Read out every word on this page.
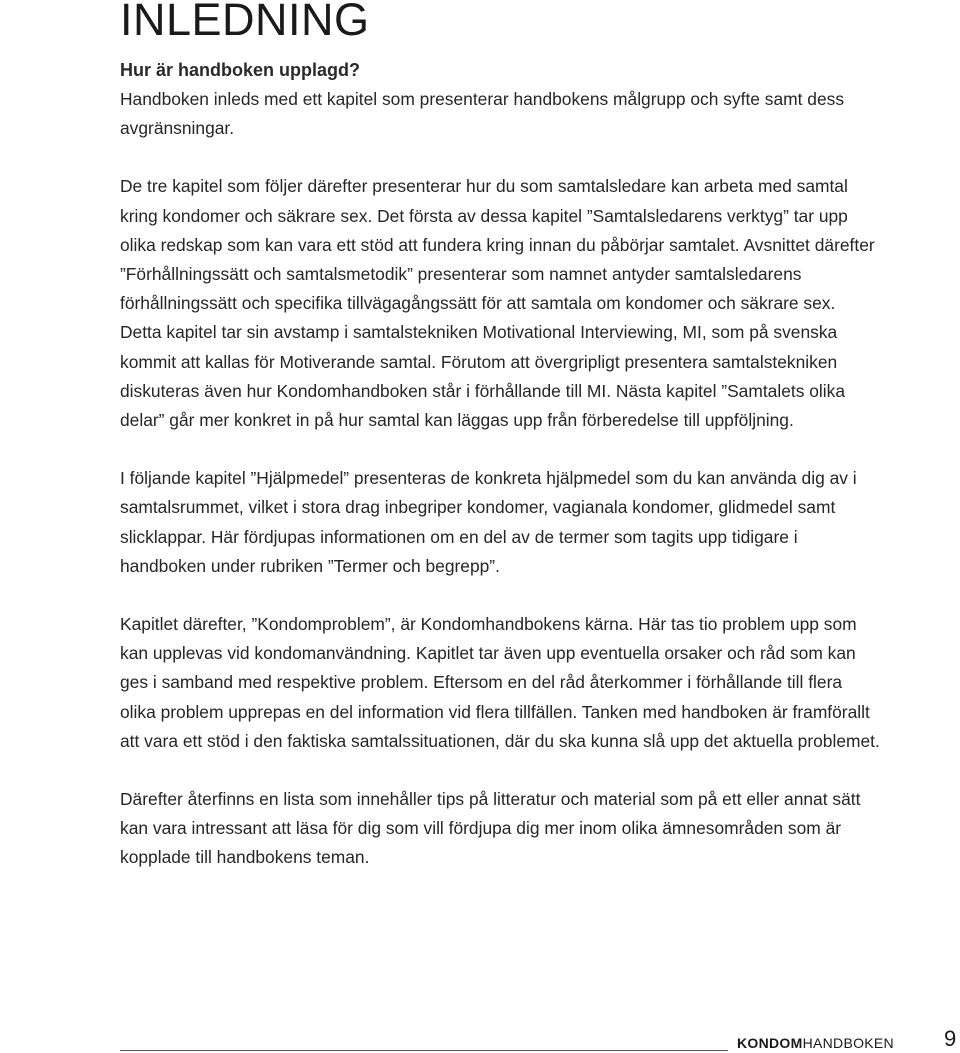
INLEDNING
Hur är handboken upplagd?

Handboken inleds med ett kapitel som presenterar handbokens målgrupp och syfte samt dess avgränsningar.

De tre kapitel som följer därefter presenterar hur du som samtalsledare kan arbeta med samtal kring kondomer och säkrare sex. Det första av dessa kapitel ”Samtalsledarens verktyg” tar upp olika redskap som kan vara ett stöd att fundera kring innan du påbörjar samtalet. Avsnittet därefter ”Förhållningssätt och samtalsmetodik” presenterar som namnet antyder samtalsledarens förhållningssätt och specifika tillvägagångssätt för att samtala om kondomer och säkrare sex. Detta kapitel tar sin avstamp i samtalstekniken Motivational Interviewing, MI, som på svenska kommit att kallas för Motiverande samtal. Förutom att övergripligt presentera samtalstekniken diskuteras även hur Kondomhandboken står i förhållande till MI. Nästa kapitel ”Samtalets olika delar” går mer konkret in på hur samtal kan läggas upp från förberedelse till uppföljning.

I följande kapitel ”Hjälpmedel” presenteras de konkreta hjälpmedel som du kan använda dig av i samtalsrummet, vilket i stora drag inbegriper kondomer, vagianala kondomer, glidmedel samt slicklappar. Här fördjupas informationen om en del av de termer som tagits upp tidigare i handboken under rubriken ”Termer och begrepp”.

Kapitlet därefter, ”Kondomproblem”, är Kondomhandbokens kärna. Här tas tio problem upp som kan upplevas vid kondomanvändning. Kapitlet tar även upp eventuella orsaker och råd som kan ges i samband med respektive problem. Eftersom en del råd återkommer i förhållande till flera olika problem upprepas en del information vid flera tillfällen. Tanken med handboken är framförallt att vara ett stöd i den faktiska samtalssituationen, där du ska kunna slå upp det aktuella problemet.

Därefter återfinns en lista som innehåller tips på litteratur och material som på ett eller annat sätt kan vara intressant att läsa för dig som vill fördjupa dig mer inom olika ämnesområden som är kopplade till handbokens teman.

KONDOMHANDBOKEN 9
